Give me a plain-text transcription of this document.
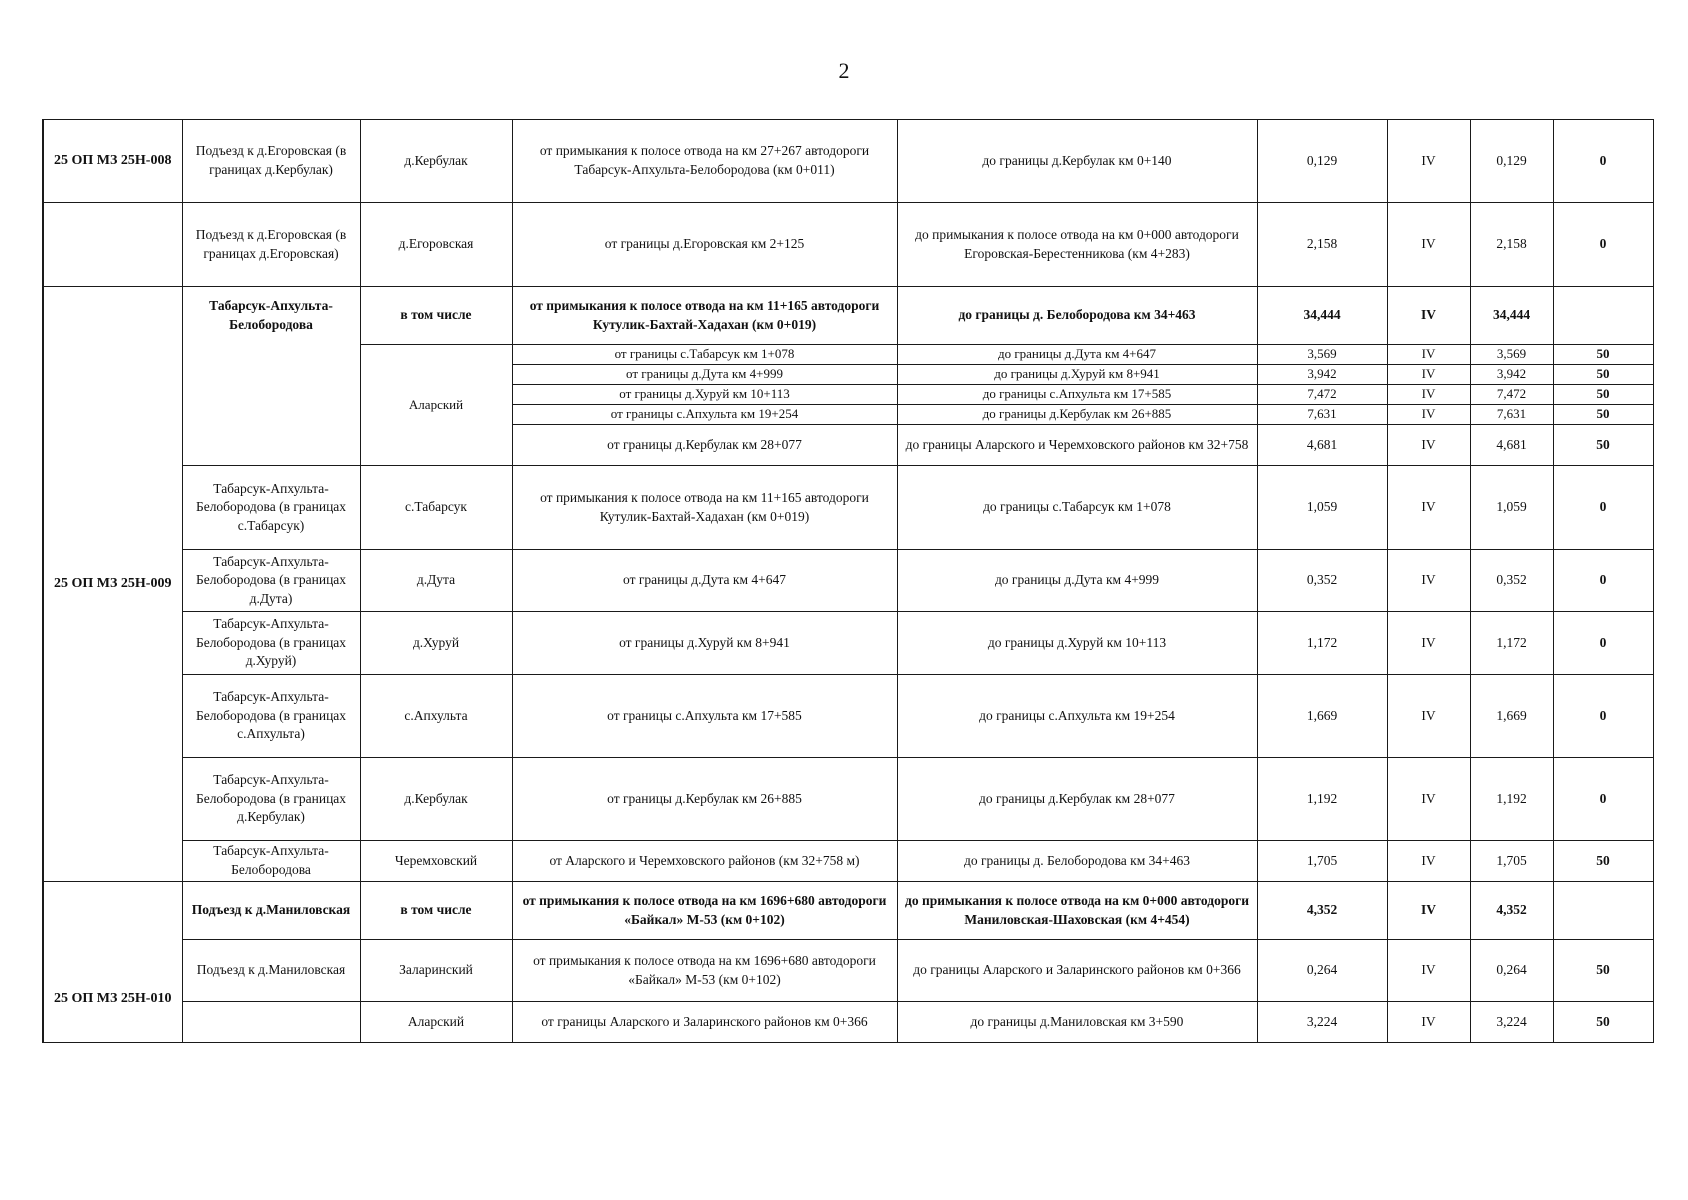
2
25 ОП МЗ 25Н-008	Подъезд к д.Егоровская (в границах д.Кербулак)	д.Кербулак	от примыкания к полосе отвода на км 27+267 автодороги Табарсук-Апхульта-Белобородова (км 0+011)	до границы д.Кербулак км 0+140	0,129	IV	0,129	0
	Подъезд к д.Егоровская (в границах д.Егоровская)	д.Егоровская	от границы д.Егоровская км 2+125	до примыкания к полосе отвода на км 0+000 автодороги Егоровская-Берестенникова (км 4+283)	2,158	IV	2,158	0
25 ОП МЗ 25Н-009	Табарсук-Апхульта-Белобородова	в том числе	от примыкания к полосе отвода на км 11+165 автодороги Кутулик-Бахтай-Хадахан (км 0+019)	до границы д. Белобородова км 34+463	34,444	IV	34,444	
		Аларский	от границы с.Табарсук км 1+078	до границы д.Дута км 4+647	3,569	IV	3,569	50
			от границы д.Дута км 4+999	до границы д.Хуруй км 8+941	3,942	IV	3,942	50
			от границы д.Хуруй км 10+113	до границы с.Апхульта км 17+585	7,472	IV	7,472	50
			от границы с.Апхульта км 19+254	до границы д.Кербулак км 26+885	7,631	IV	7,631	50
			от границы д.Кербулак км 28+077	до границы Аларского и Черемховского районов км 32+758	4,681	IV	4,681	50
	Табарсук-Апхульта-Белобородова (в границах с.Табарсук)	с.Табарсук	от примыкания к полосе отвода на км 11+165 автодороги Кутулик-Бахтай-Хадахан (км 0+019)	до границы с.Табарсук км 1+078	1,059	IV	1,059	0
	Табарсук-Апхульта-Белобородова (в границах д.Дута)	д.Дута	от границы д.Дута км 4+647	до границы д.Дута км 4+999	0,352	IV	0,352	0
	Табарсук-Апхульта-Белобородова (в границах д.Хуруй)	д.Хуруй	от границы д.Хуруй км 8+941	до границы д.Хуруй км 10+113	1,172	IV	1,172	0
	Табарсук-Апхульта-Белобородова (в границах с.Апхульта)	с.Апхульта	от границы с.Апхульта км 17+585	до границы с.Апхульта км 19+254	1,669	IV	1,669	0
	Табарсук-Апхульта-Белобородова (в границах д.Кербулак)	д.Кербулак	от границы д.Кербулак км 26+885	до границы д.Кербулак км 28+077	1,192	IV	1,192	0
	Табарсук-Апхульта-Белобородова	Черемховский	от Аларского и Черемховского районов (км 32+758 м)	до границы д. Белобородова км 34+463	1,705	IV	1,705	50
25 ОП МЗ 25Н-010	Подъезд к д.Маниловская	в том числе	от примыкания к полосе отвода на км 1696+680 автодороги «Байкал» М-53 (км 0+102)	до примыкания к полосе отвода на км 0+000 автодороги Маниловская-Шаховская (км 4+454)	4,352	IV	4,352	
	Подъезд к д.Маниловская	Заларинский	от примыкания к полосе отвода на км 1696+680 автодороги «Байкал» М-53 (км 0+102)	до границы Аларского и Заларинского районов км 0+366	0,264	IV	0,264	50
		Аларский	от границы Аларского и Заларинского районов км 0+366	до границы д.Маниловская км 3+590	3,224	IV	3,224	50
